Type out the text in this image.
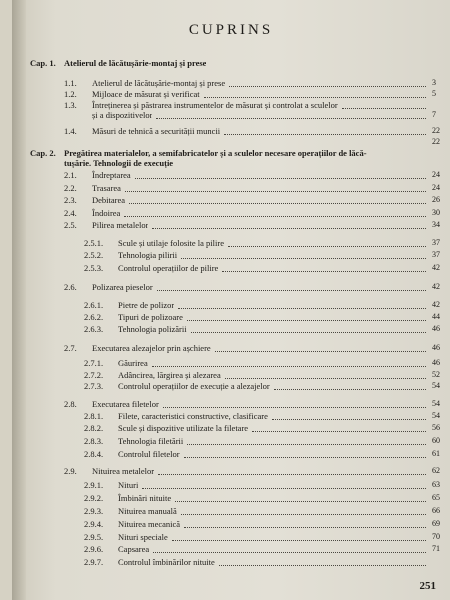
CUPRINS
Cap. 1. Atelierul de lăcătușărie-montaj și prese
1.1. Atelierul de lăcătușărie-montaj și prese	3
1.2. Mijloace de măsurat și verificat	5
1.3. Întreținerea și păstrarea instrumentelor de măsurat și controlat a sculelor
și a dispozitivelor	7
1.4. Măsuri de tehnică a securității muncii	22
22
Cap. 2. Pregătirea materialelor, a semifabricatelor și a sculelor necesare operațiilor de lăcă-
tușărie. Tehnologii de execuție
2.1. Îndreptarea	24
2.2. Trasarea	24
2.3. Debitarea	26
2.4. Îndoirea	30
2.5. Pilirea metalelor	34
2.5.1. Scule și utilaje folosite la pilire	37
2.5.2. Tehnologia pilirii	37
2.5.3. Controlul operațiilor de pilire	42
2.6. Polizarea pieselor	42
2.6.1. Pietre de polizor	42
2.6.2. Tipuri de polizoare	44
2.6.3. Tehnologia polizării	46
2.7. Executarea alezajelor prin așchiere	46
2.7.1. Găurirea	46
2.7.2. Adâncirea, lărgirea și alezarea	52
2.7.3. Controlul operațiilor de execuție a alezajelor	54
2.8. Executarea filetelor	54
2.8.1. Filete, caracteristici constructive, clasificare	54
2.8.2. Scule și dispozitive utilizate la filetare	56
2.8.3. Tehnologia filetării	60
2.8.4. Controlul filetelor	61
2.9. Nituirea metalelor	62
2.9.1. Nituri	63
2.9.2. Îmbinări nituite	65
2.9.3. Nituirea manuală	66
2.9.4. Nituirea mecanică	69
2.9.5. Nituri speciale	70
2.9.6. Capsarea	71
2.9.7. Controlul îmbinărilor nituite
251
